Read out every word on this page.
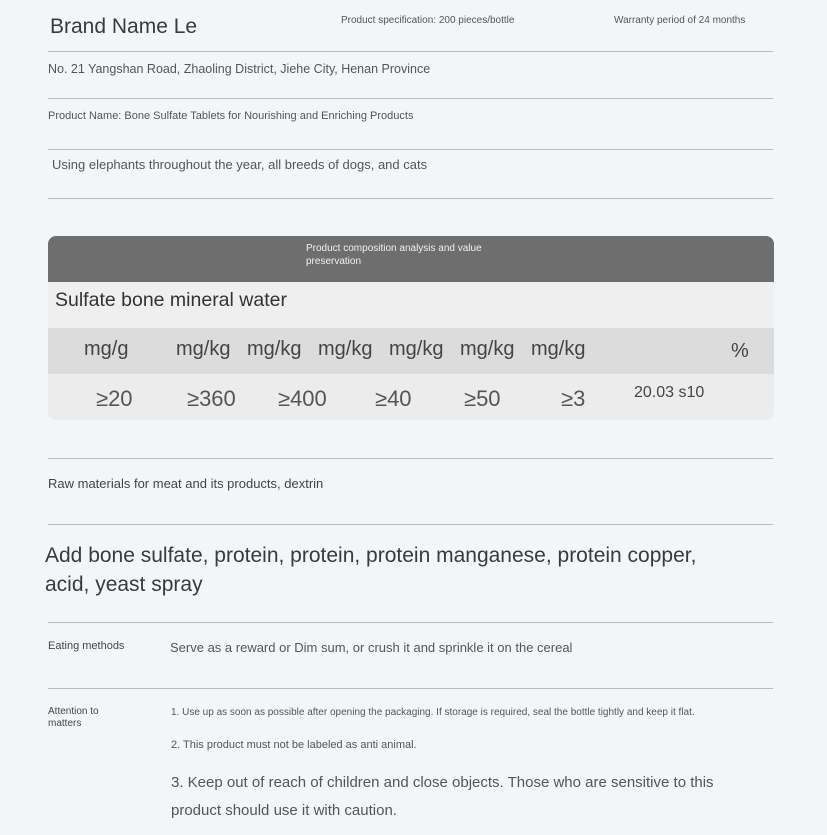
Brand Name Le	Product specification: 200 pieces/bottle	Warranty period of 24 months
No. 21 Yangshan Road, Zhaoling District, Jiehe City, Henan Province
Product Name: Bone Sulfate Tablets for Nourishing and Enriching Products
Using elephants throughout the year, all breeds of dogs, and cats
Product composition analysis and value preservation
Sulfate bone mineral water
mg/g mg/kg mg/kg mg/kg mg/kg mg/kg mg/kg	%
≥20 ≥360 ≥400 ≥40 ≥50	≥3	20.03 s10
Raw materials for meat and its products, dextrin
Add bone sulfate, protein, protein, protein manganese, protein copper, acid, yeast spray
Eating methods	Serve as a reward or Dim sum, or crush it and sprinkle it on the cereal
Attention to matters
1. Use up as soon as possible after opening the packaging. If storage is required, seal the bottle tightly and keep it flat.
2. This product must not be labeled as anti animal.
3. Keep out of reach of children and close objects. Those who are sensitive to this product should use it with caution.
